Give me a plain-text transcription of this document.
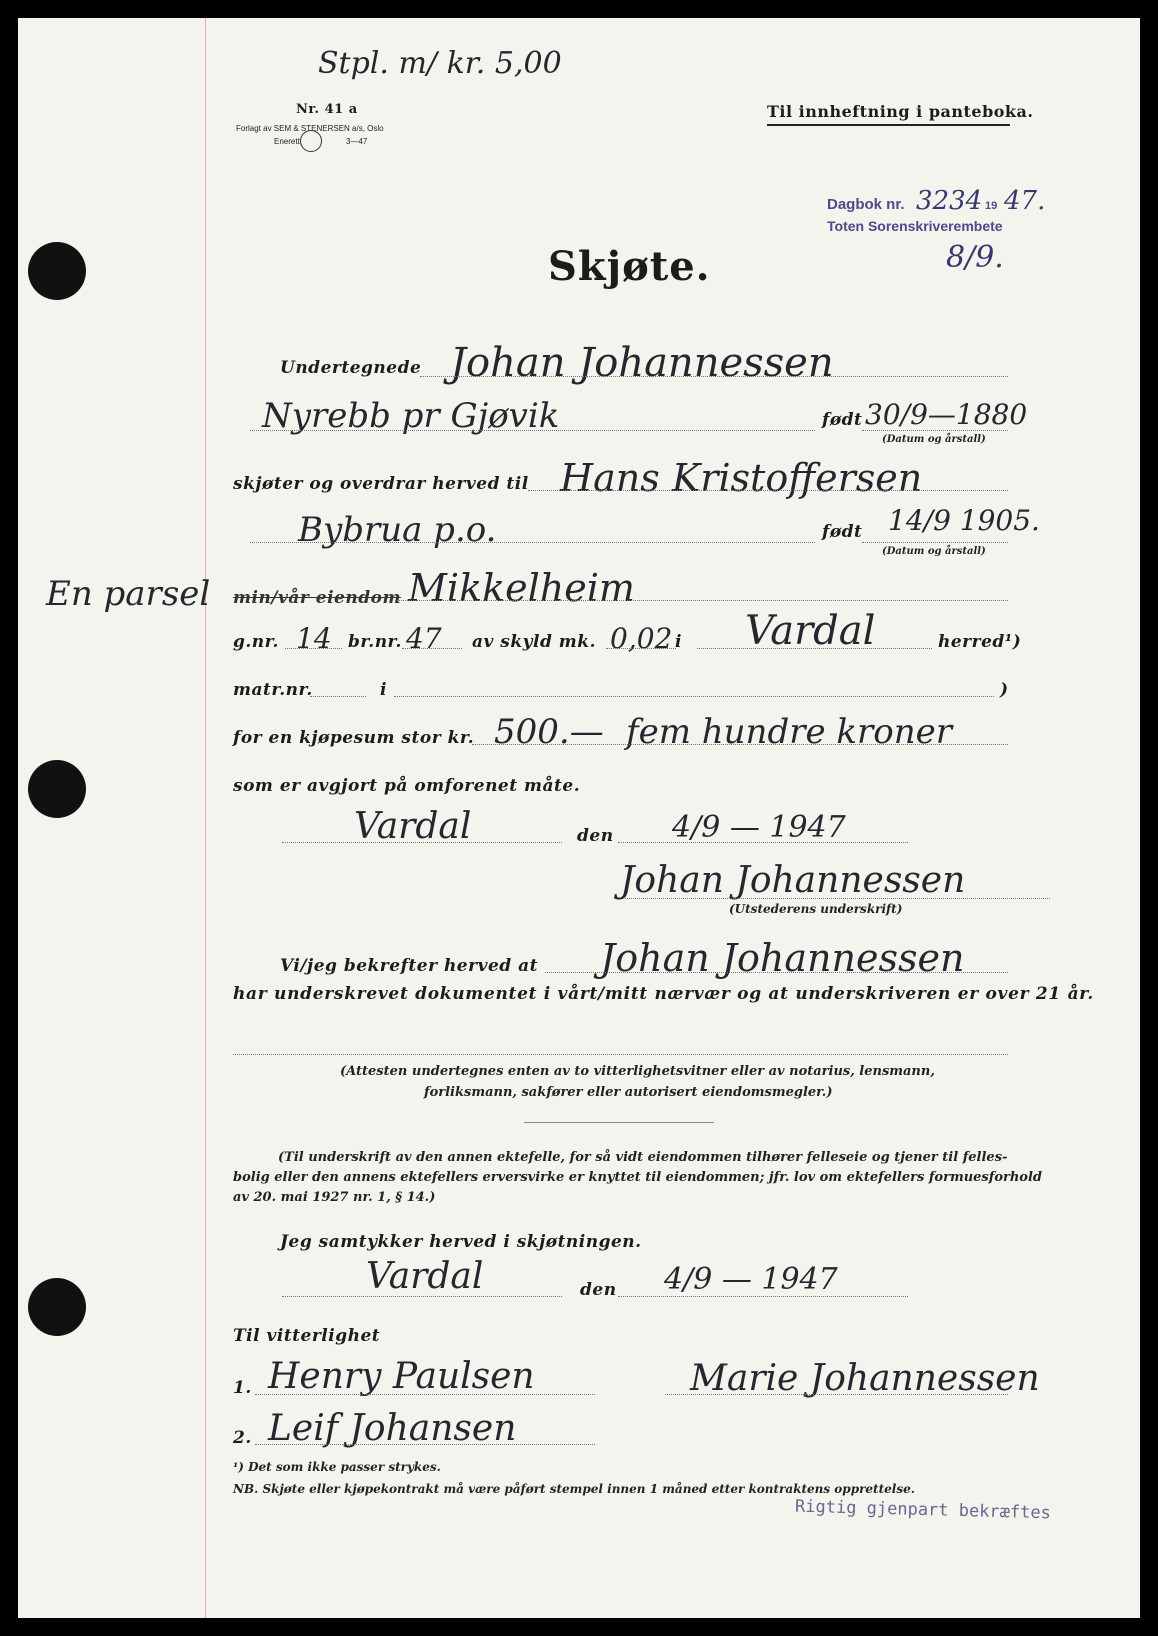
Stpl. m/ kr. 5,00
Nr. 41 a
Forlagt av SEM & STENERSEN a/s, Oslo
Enerett	3—47
Til innheftning i panteboka.
Dagbok nr. 3234 19 47.
Toten Sorenskriverembete
8/9.
Skjøte.
Undertegnede Johan Johannessen
Nyrebb pr Gjøvik	født 30/9—1880
(Datum og årstall)
skjøter og overdrar herved til Hans Kristoffersen
Bybruа p.o.	født 14/9 1905.
(Datum og årstall)
En parsel min/vår eiendom Mikkelheim
g.nr. 14 br.nr. 47 av skyld mk. 0,02 i Vardal	herred¹)
matr.nr.	i	)
for en kjøpesum stor kr. 500.— fem hundre kroner
som er avgjort på omforenet måte.
Vardal	den 4/9 — 1947
Johan Johannessen
(Utstederens underskrift)
Vi/jeg bekrefter herved at Johan Johannessen
har underskrevet dokumentet i vårt/mitt nærvær og at underskriveren er over 21 år.
(Attesten undertegnes enten av to vitterlighetsvitner eller av notarius, lensmann,
forliksmann, sakfører eller autorisert eiendomsmegler.)
(Til underskrift av den annen ektefelle, for så vidt eiendommen tilhører felleseie og tjener til felles-
bolig eller den annens ektefellers erversvirke er knyttet til eiendommen; jfr. lov om ektefellers formuesforhold
av 20. mai 1927 nr. 1, § 14.)
Jeg samtykker herved i skjøtningen.
Vardal	den 4/9 — 1947
Til vitterlighet
1. Henry Paulsen	Marie Johannessen
2. Leif Johansen
¹) Det som ikke passer strykes.
NB. Skjøte eller kjøpekontrakt må være påført stempel innen 1 måned etter kontraktens opprettelse.
Rigtig gjenpart bekræftes
